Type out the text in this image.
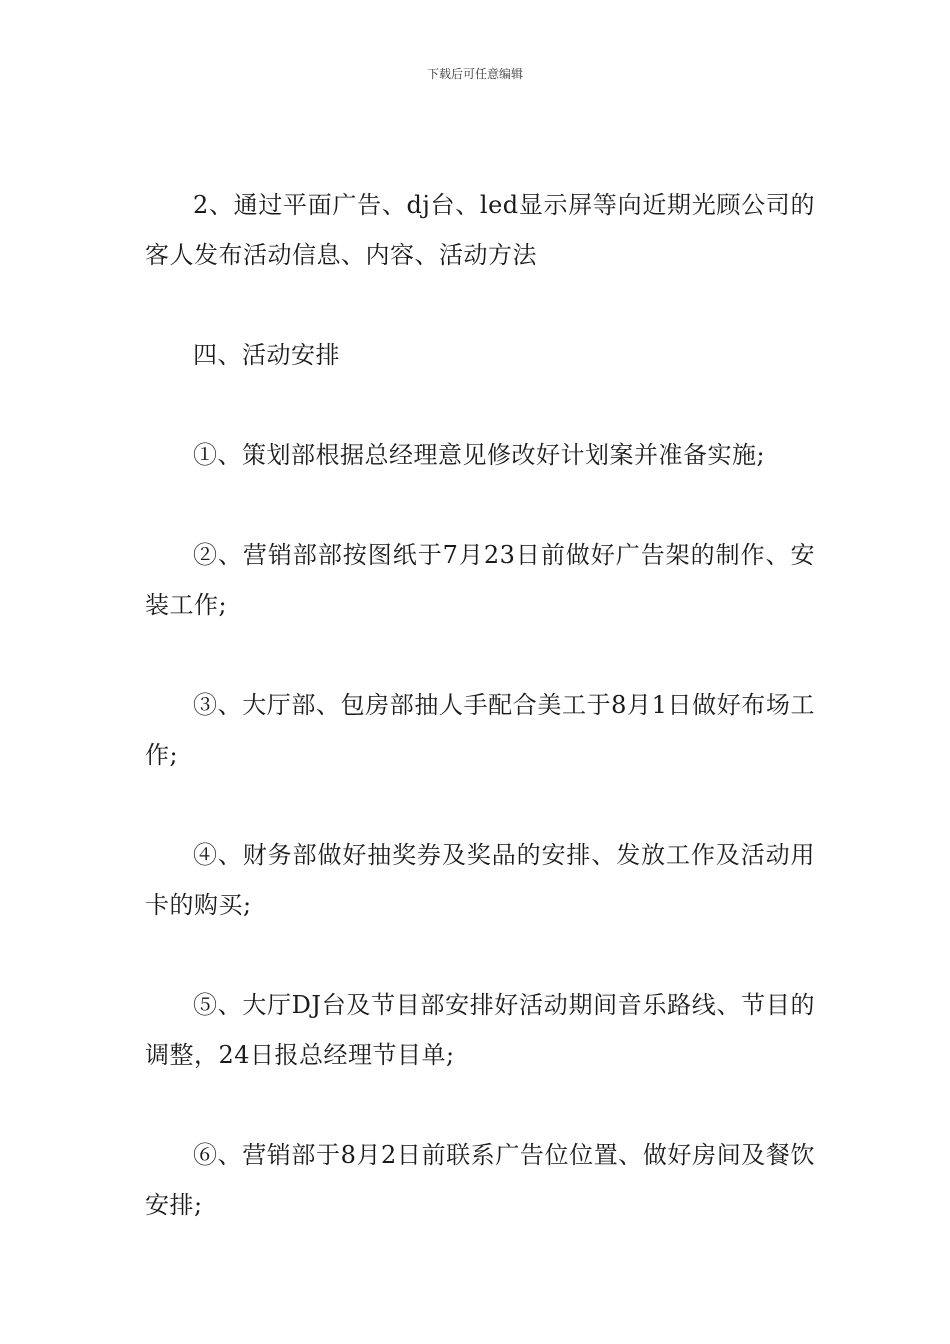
下载后可任意编辑

2、通过平面广告、dj台、led显示屏等向近期光顾公司的客人发布活动信息、内容、活动方法

四、活动安排

①、策划部根据总经理意见修改好计划案并准备实施;

②、营销部部按图纸于7月23日前做好广告架的制作、安装工作;

③、大厅部、包房部抽人手配合美工于8月1日做好布场工作;

④、财务部做好抽奖券及奖品的安排、发放工作及活动用卡的购买;

⑤、大厅DJ台及节目部安排好活动期间音乐路线、节目的调整，24日报总经理节目单;

⑥、营销部于8月2日前联系广告位位置、做好房间及餐饮安排;
